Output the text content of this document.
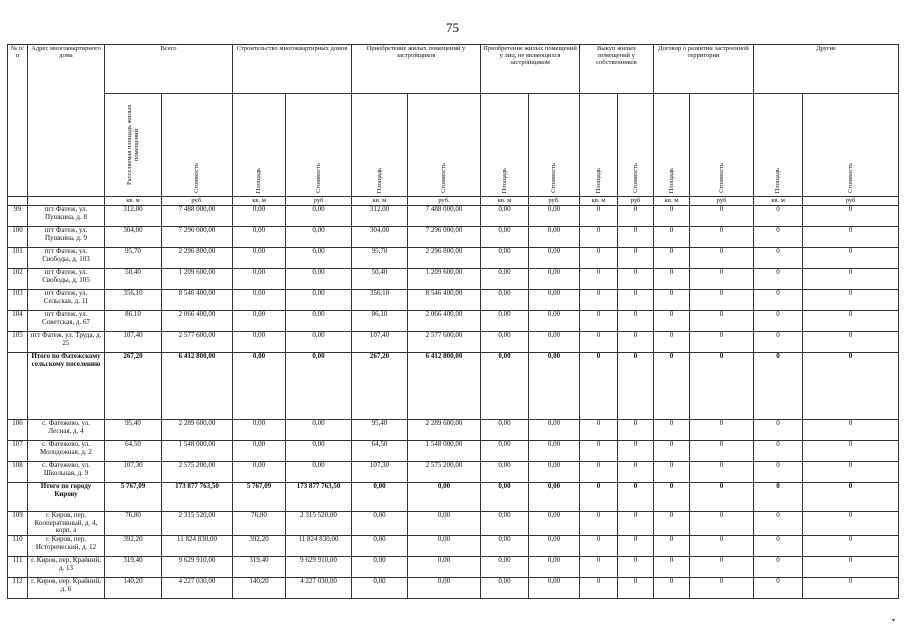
75
№ п/п	Адрес многоквартирного дома	Всего		Строительство многоквартирных домов		Приобретение жилых помещений у застройщиков		Приобретение жилых помещений у лиц, не являющихся застройщиком		Выкуп жилых помещений у собственников		Договор о развитии застроенной территории		Другие	
		Расселяемая площадь жилых помещений	Стоимость	Площадь	Стоимость	Площадь	Стоимость	Площадь	Стоимость	Площадь	Стоимость	Площадь	Стоимость	Площадь	Стоимость
		кв. м	руб.	кв. м	руб	кв. м	руб.	кв. м	руб.	кв. м	руб	кв. м	руб	кв. м	руб
99	пгт Фатеж, ул. Пушкина, д. 8	312,00	7 488 000,00	0,00	0,00	312,00	7 488 000,00	0,00	0,00	0	0	0	0	0	0
100	пгт Фатеж, ул. Пушкина, д. 9	304,00	7 296 000,00	0,00	0,00	304,00	7 296 000,00	0,00	0,00	0	0	0	0	0	0
101	пгт Фатеж, ул. Свободы, д. 103	95,70	2 296 800,00	0,00	0,00	95,70	2 296 800,00	0,00	0,00	0	0	0	0	0	0
102	пгт Фатеж, ул. Свободы, д. 105	50,40	1 209 600,00	0,00	0,00	50,40	1 209 600,00	0,00	0,00	0	0	0	0	0	0
103	пгт Фатеж, ул. Сельская, д. 11	356,10	8 546 400,00	0,00	0,00	356,10	8 546 400,00	0,00	0,00	0	0	0	0	0	0
104	пгт Фатеж, ул. Советская, д. 67	86,10	2 066 400,00	0,00	0,00	86,10	2 066 400,00	0,00	0,00	0	0	0	0	0	0
105	пгт Фатеж, ул. Труда, д. 25	107,40	2 577 600,00	0,00	0,00	107,40	2 577 600,00	0,00	0,00	0	0	0	0	0	0
	Итого по Фатежскому сельскому поселению	267,20	6 412 800,00	0,00	0,00	267,20	6 412 800,00	0,00	0,00	0	0	0	0	0	0
106	с. Фатежево, ул. Лесная, д. 4	95,40	2 289 600,00	0,00	0,00	95,40	2 289 600,00	0,00	0,00	0	0	0	0	0	0
107	с. Фатежево, ул. Молодежная, д. 2	64,50	1 548 000,00	0,00	0,00	64,50	1 548 000,00	0,00	0,00	0	0	0	0	0	0
108	с. Фатежево, ул. Школьная, д. 9	107,30	2 575 200,00	0,00	0,00	107,30	2 575 200,00	0,00	0,00	0	0	0	0	0	0
	Итого по городу Кирову	5 767,09	173 877 763,50	5 767,09	173 877 763,50	0,00	0,00	0,00	0,00	0	0	0	0	0	0
109	г. Киров, пер. Кооперативный, д. 4, корп. а	76,80	2 315 520,00	76,80	2 315 520,00	0,00	0,00	0,00	0,00	0	0	0	0	0	0
110	г. Киров, пер. Исторический, д. 12	392,20	11 824 830,00	392,20	11 824 830,00	0,00	0,00	0,00	0,00	0	0	0	0	0	0
111	г. Киров, пер. Крайний, д. 13	319,40	9 629 910,00	319,40	9 629 910,00	0,00	0,00	0,00	0,00	0	0	0	0	0	0
112	г. Киров, пер. Крайний, д. 6	140,20	4 227 030,00	140,20	4 227 030,00	0,00	0,00	0,00	0,00	0	0	0	0	0	0
▾
